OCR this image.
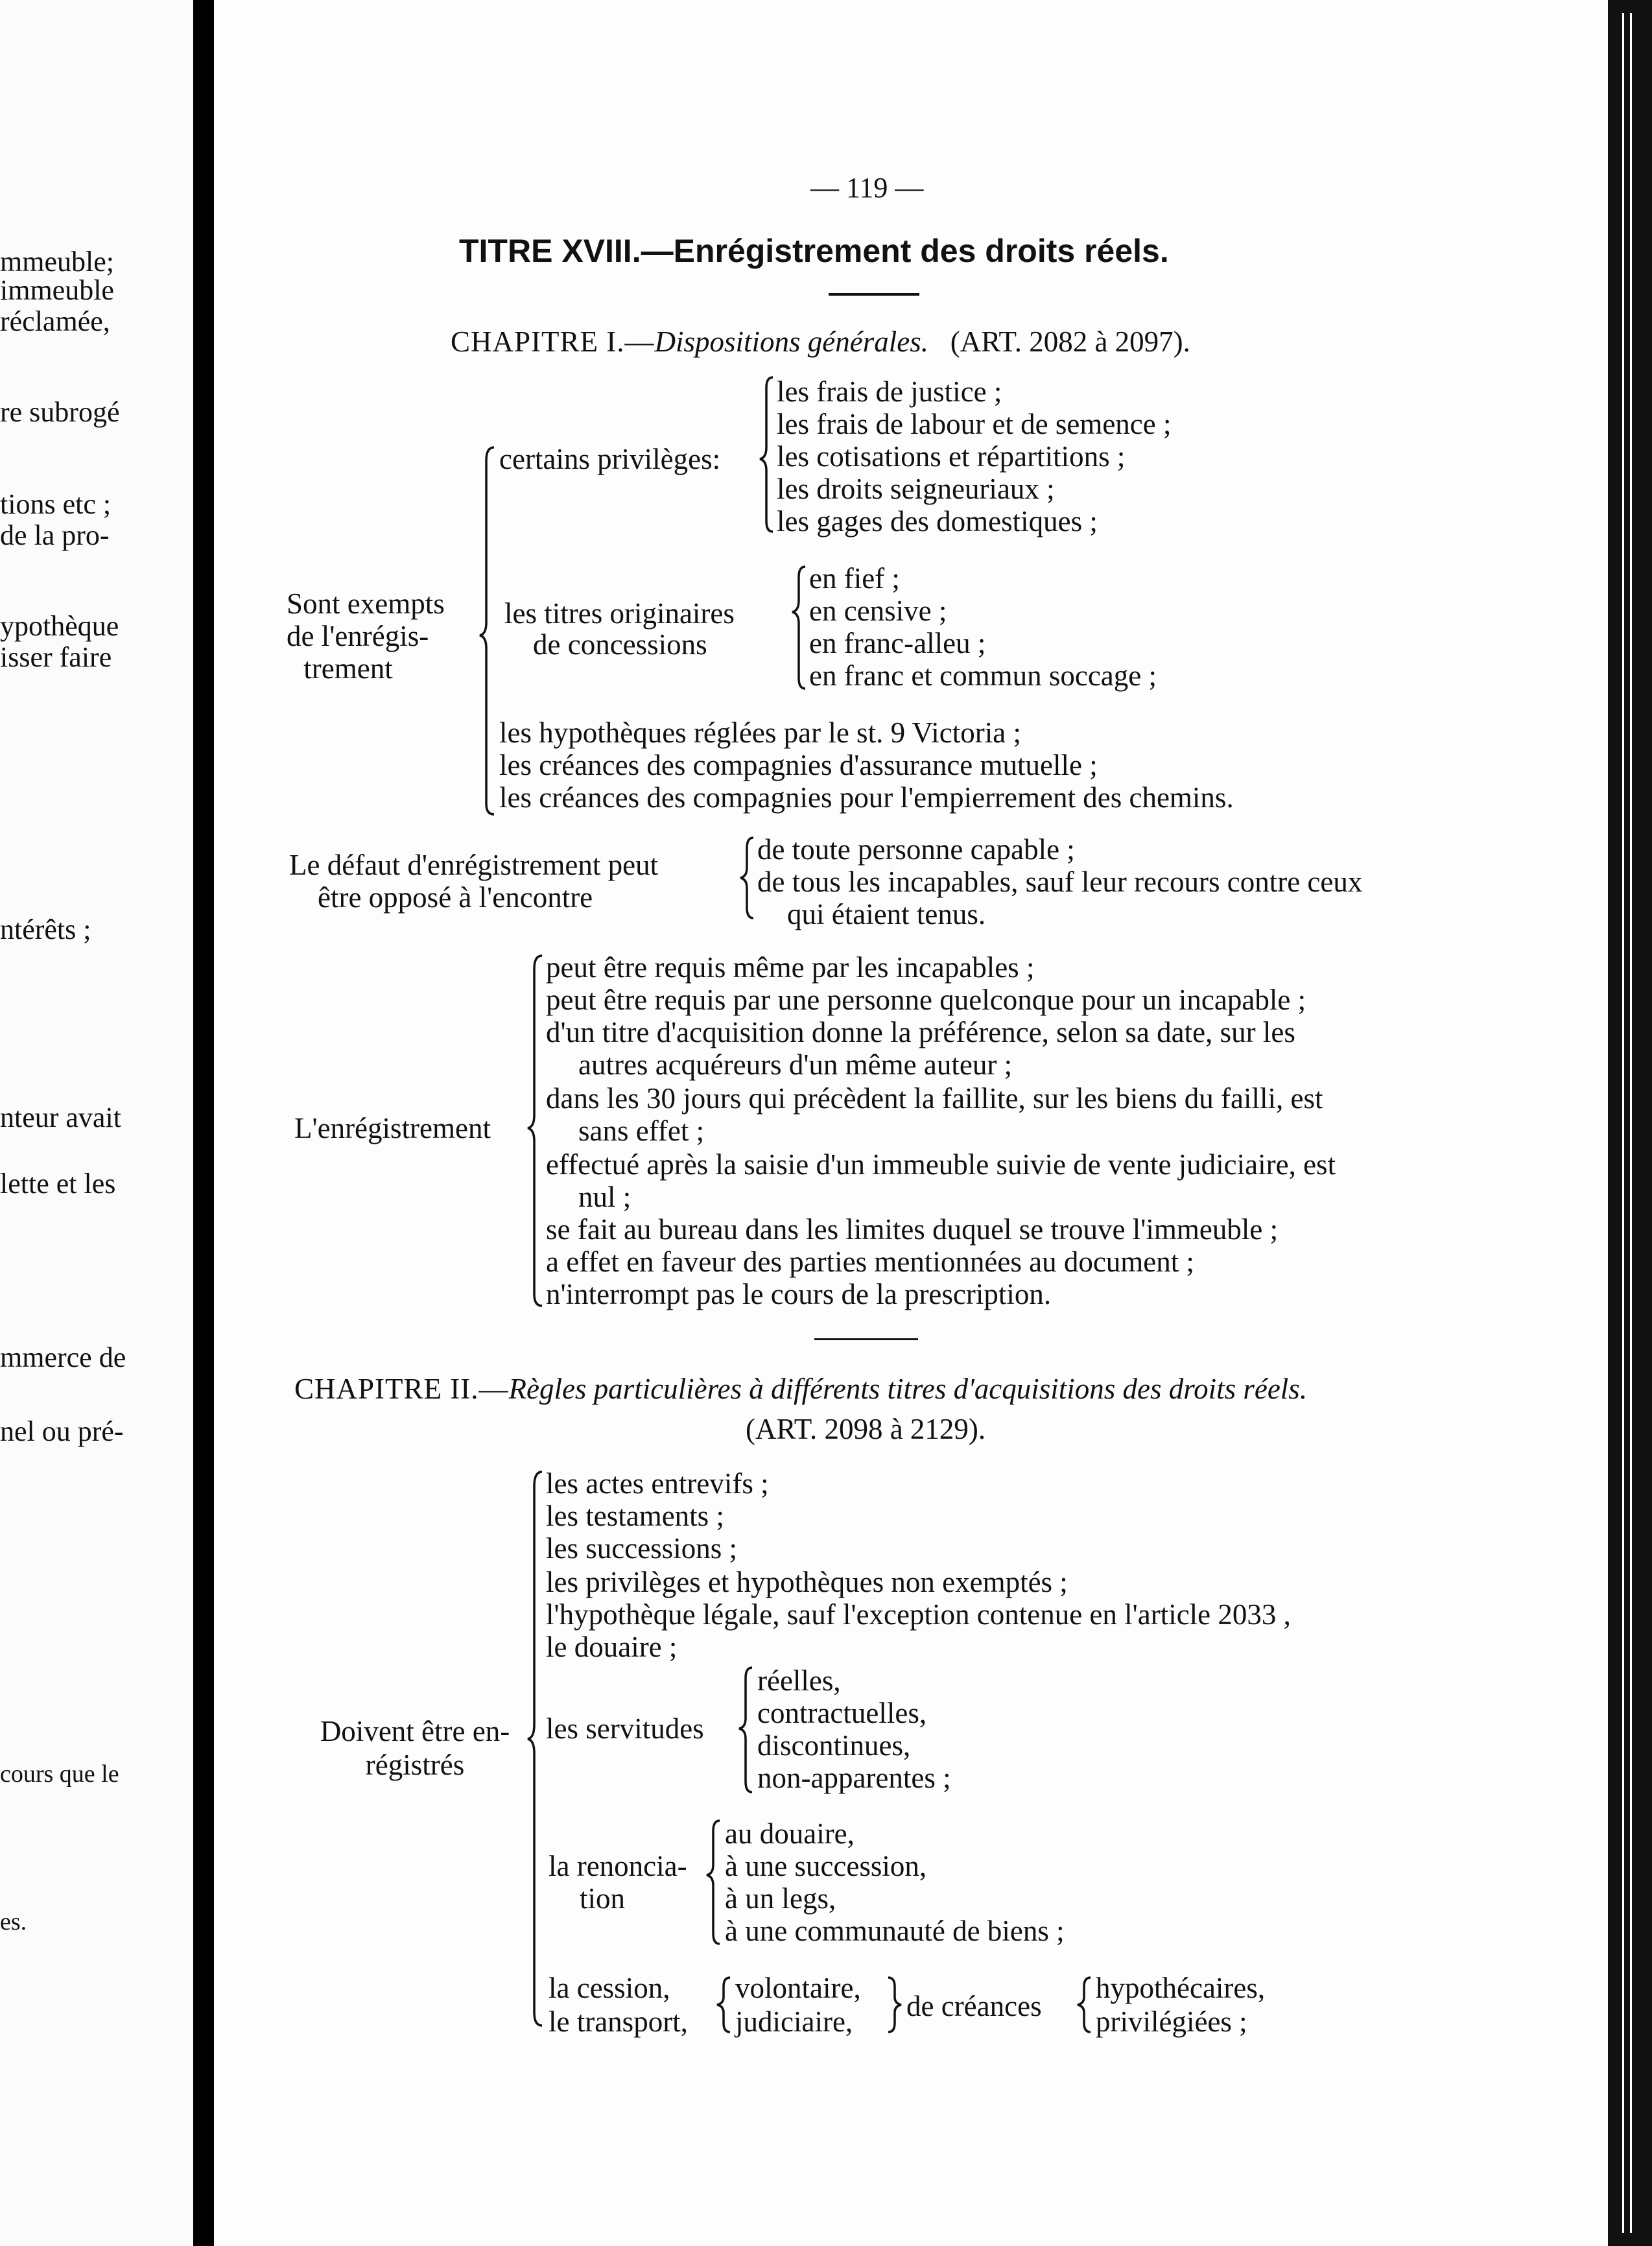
mmeuble;
immeuble
réclamée,
re subrogé
tions etc ;
de la pro-
ypothèque
isser faire
ntérêts ;
nteur avait
lette et les
mmerce de
nel ou pré-
cours que le
es.
— 119 —
TITRE XVIII.—Enrégistrement des droits réels.
CHAPITRE I.—Dispositions générales. (ART. 2082 à 2097).
Sont exempts
de l'enrégis-
trement
certains privilèges:
les frais de justice ;
les frais de labour et de semence ;
les cotisations et répartitions ;
les droits seigneuriaux ;
les gages des domestiques ;
les titres originaires
de concessions
en fief ;
en censive ;
en franc-alleu ;
en franc et commun soccage ;
les hypothèques réglées par le st. 9 Victoria ;
les créances des compagnies d'assurance mutuelle ;
les créances des compagnies pour l'empierrement des chemins.
Le défaut d'enrégistrement peut
être opposé à l'encontre
de toute personne capable ;
de tous les incapables, sauf leur recours contre ceux
qui étaient tenus.
L'enrégistrement
peut être requis même par les incapables ;
peut être requis par une personne quelconque pour un incapable ;
d'un titre d'acquisition donne la préférence, selon sa date, sur les
autres acquéreurs d'un même auteur ;
dans les 30 jours qui précèdent la faillite, sur les biens du failli, est
sans effet ;
effectué après la saisie d'un immeuble suivie de vente judiciaire, est
nul ;
se fait au bureau dans les limites duquel se trouve l'immeuble ;
a effet en faveur des parties mentionnées au document ;
n'interrompt pas le cours de la prescription.
CHAPITRE II.—Règles particulières à différents titres d'acquisitions des droits réels.
(ART. 2098 à 2129).
Doivent être en-
régistrés
les actes entrevifs ;
les testaments ;
les successions ;
les privilèges et hypothèques non exemptés ;
l'hypothèque légale, sauf l'exception contenue en l'article 2033 ,
le douaire ;
les servitudes
réelles,
contractuelles,
discontinues,
non-apparentes ;
la renoncia-
tion
au douaire,
à une succession,
à un legs,
à une communauté de biens ;
la cession,
le transport,
volontaire,
judiciaire, de créances
hypothécaires,
privilégiées ;
